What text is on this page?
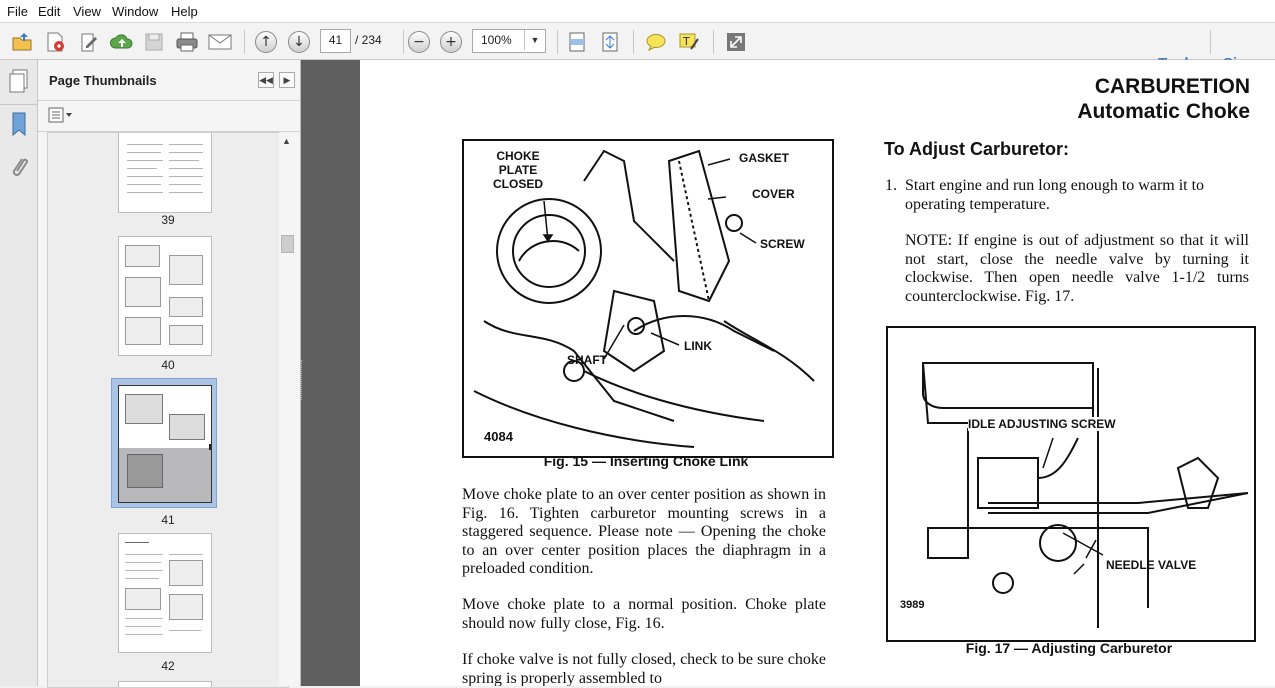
File Edit View Window Help
↑	↓	−	+	T
41	/ 234	100%	▼
Page Thumbnails	◀◀	▶
39
40
41
42
▲
CARBURETION
Automatic Choke
4084
CHOKE
PLATE
CLOSED
GASKET
COVER
SCREW
LINK
SHAFT
Fig. 15 — Inserting Choke Link
Move choke plate to an over center position as shown in Fig. 16. Tighten carburetor mounting screws in a staggered sequence. Please note — Opening the choke to an over center position places the diaphragm in a preloaded condition.
Move choke plate to a normal position. Choke plate should now fully close, Fig. 16.
If choke valve is not fully closed, check to be sure choke spring is properly assembled to
To Adjust Carburetor:
1. Start engine and run long enough to warm it to operating temperature.
NOTE: If engine is out of adjustment so that it will not start, close the needle valve by turning it clockwise. Then open needle valve 1-1/2 turns counterclockwise. Fig. 17.
3989
IDLE ADJUSTING SCREW
NEEDLE VALVE
Fig. 17 — Adjusting Carburetor
